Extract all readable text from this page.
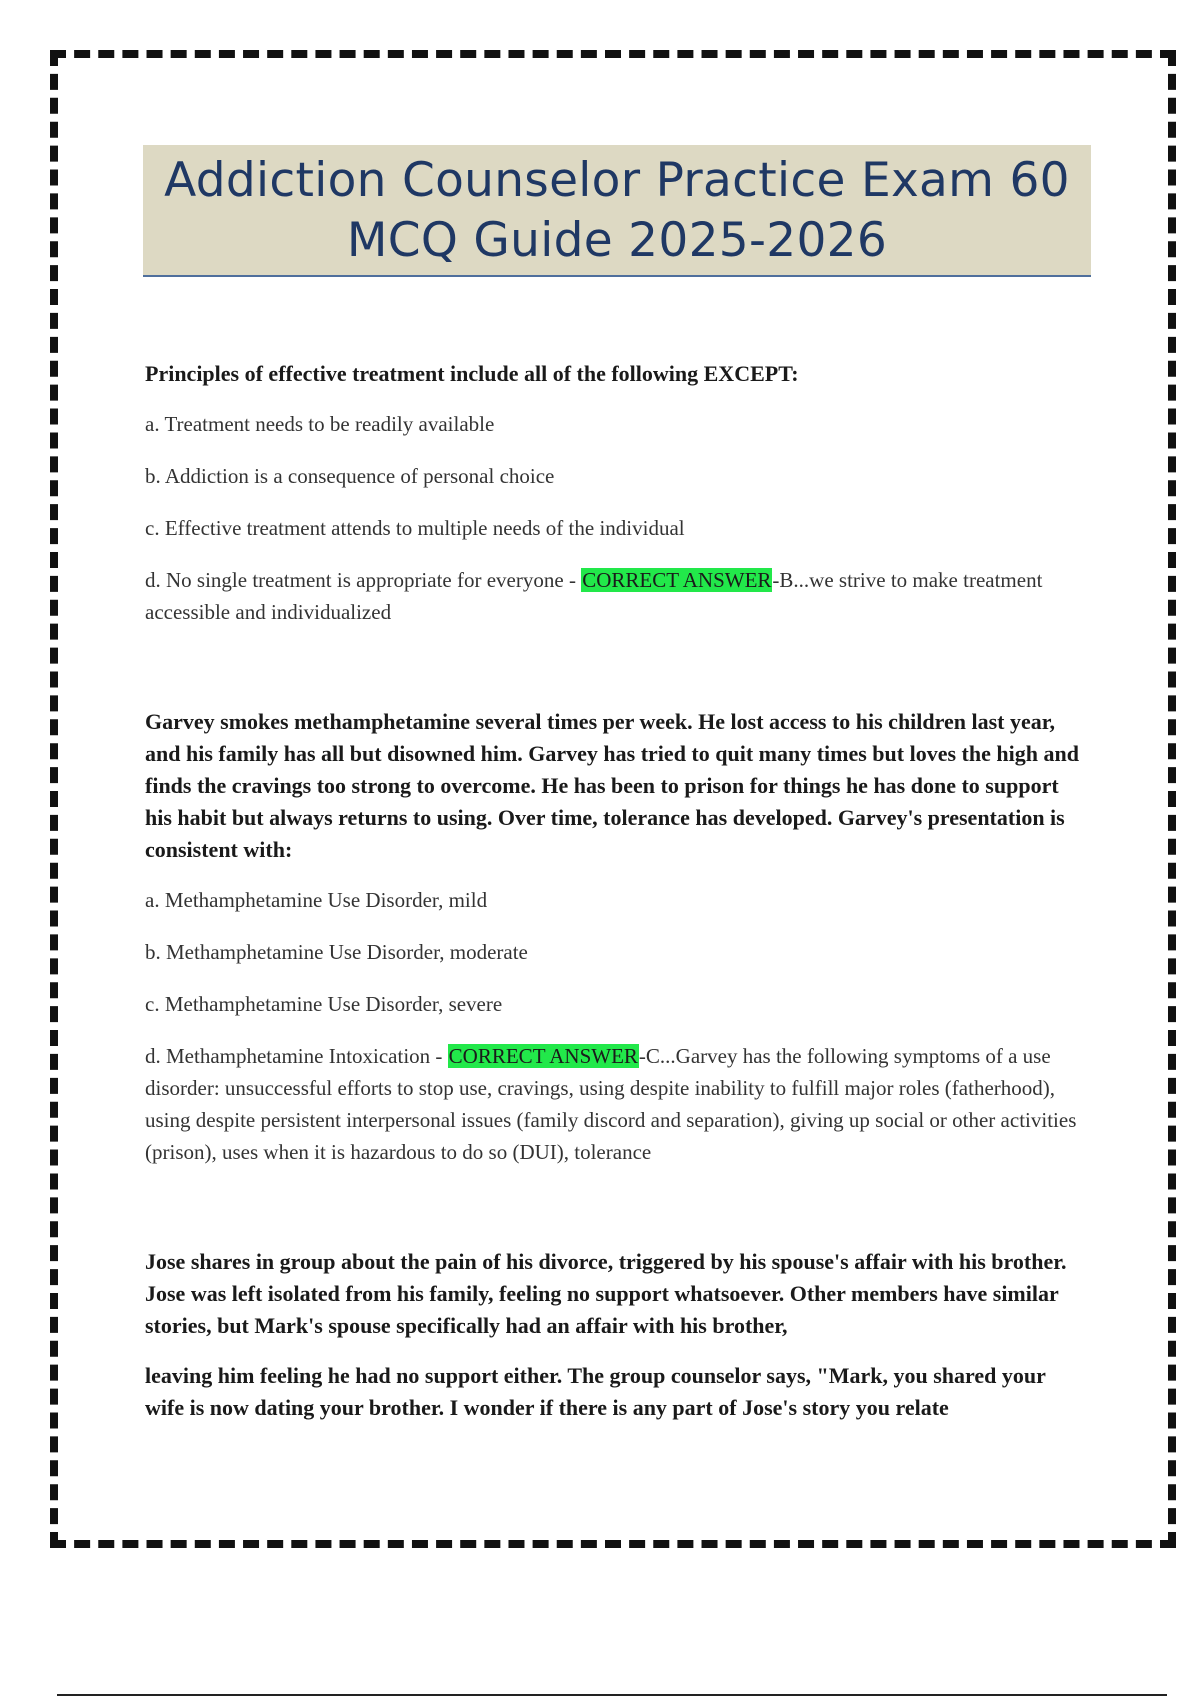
Addiction Counselor Practice Exam 60
MCQ Guide 2025-2026

Principles of effective treatment include all of the following EXCEPT:

a. Treatment needs to be readily available

b. Addiction is a consequence of personal choice

c. Effective treatment attends to multiple needs of the individual

d. No single treatment is appropriate for everyone - CORRECT ANSWER-B...we strive to make treatment accessible and individualized

Garvey smokes methamphetamine several times per week. He lost access to his children last year, and his family has all but disowned him. Garvey has tried to quit many times but loves the high and finds the cravings too strong to overcome. He has been to prison for things he has done to support his habit but always returns to using. Over time, tolerance has developed. Garvey's presentation is consistent with:

a. Methamphetamine Use Disorder, mild

b. Methamphetamine Use Disorder, moderate

c. Methamphetamine Use Disorder, severe

d. Methamphetamine Intoxication - CORRECT ANSWER-C...Garvey has the following symptoms of a use disorder: unsuccessful efforts to stop use, cravings, using despite inability to fulfill major roles (fatherhood), using despite persistent interpersonal issues (family discord and separation), giving up social or other activities (prison), uses when it is hazardous to do so (DUI), tolerance

Jose shares in group about the pain of his divorce, triggered by his spouse's affair with his brother. Jose was left isolated from his family, feeling no support whatsoever. Other members have similar stories, but Mark's spouse specifically had an affair with his brother,

leaving him feeling he had no support either. The group counselor says, "Mark, you shared your wife is now dating your brother. I wonder if there is any part of Jose's story you relate
